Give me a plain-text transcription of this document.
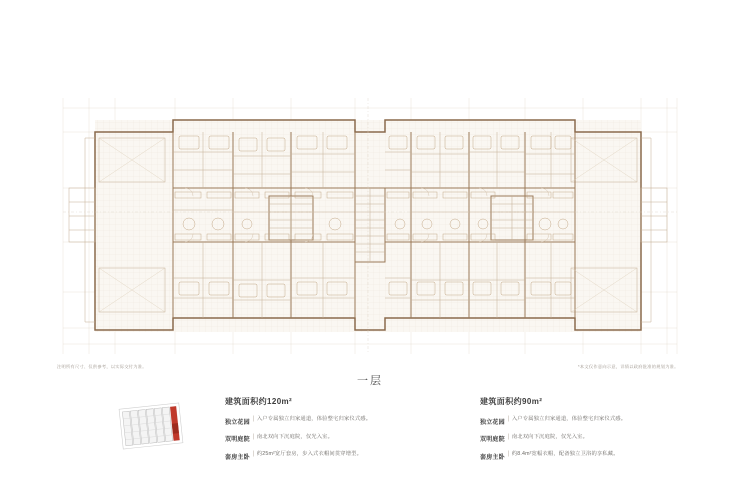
注明所有尺寸、仅供参考，以实际交付为准。	*本文仅作意向示意，详情以政府批准的规划为准。
一层
建筑面积约120m²
独立花园
| 入户专属独立归家通道，体验整宅归家仪式感。
双明庭院
| 南北双向下沉庭院，仅光入室。
套房主卧
| 约25m²宽厅套房，步入式衣帽间贯穿增型。
建筑面积约90m²
独立花园
| 入户专属独立归家通道，体验整宅归家仪式感。
双明庭院
| 南北双向下沉庭院，仅光入室。
套房主卧
| 约8.4m²宽幅衣帽，配备独立卫浴的享私藏。
